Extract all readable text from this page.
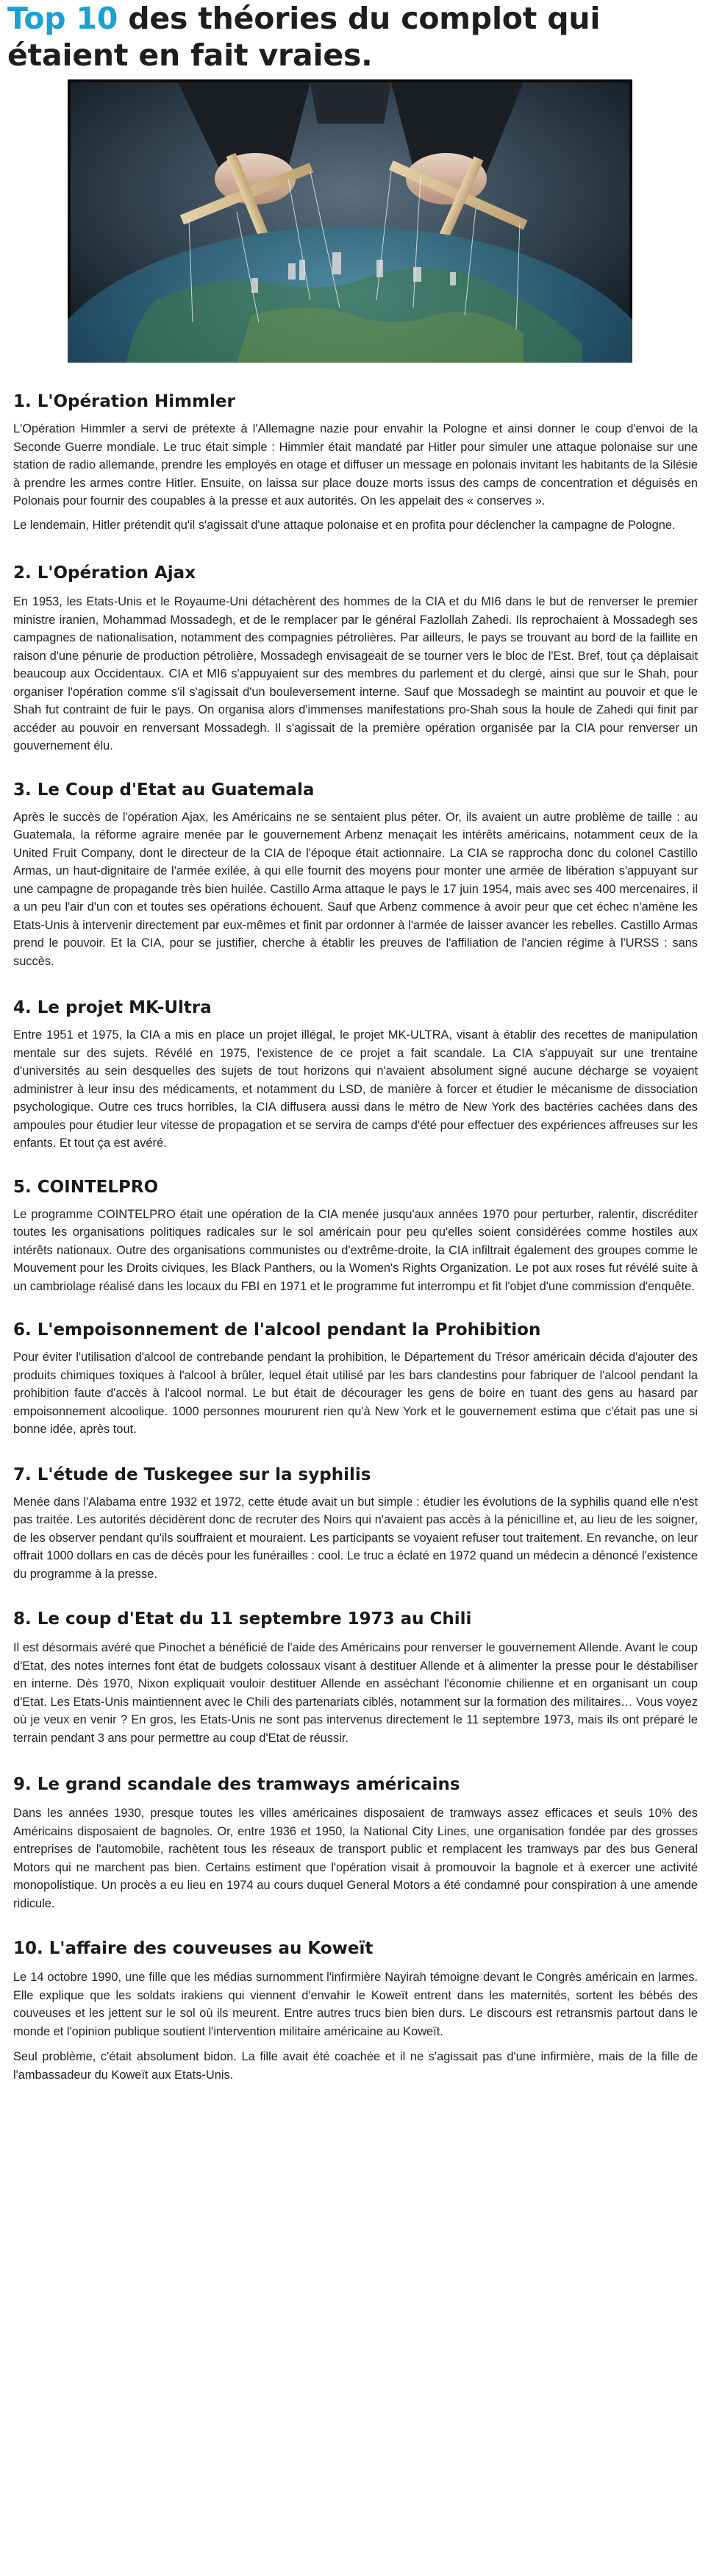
Top 10 des théories du complot qui étaient en fait vraies.
1. L'Opération Himmler

L'Opération Himmler a servi de prétexte à l'Allemagne nazie pour envahir la Pologne et ainsi donner le coup d'envoi de la Seconde Guerre mondiale. Le truc était simple : Himmler était mandaté par Hitler pour simuler une attaque polonaise sur une station de radio allemande, prendre les employés en otage et diffuser un message en polonais invitant les habitants de la Silésie à prendre les armes contre Hitler. Ensuite, on laissa sur place douze morts issus des camps de concentration et déguisés en Polonais pour fournir des coupables à la presse et aux autorités. On les appelait des « conserves ».

Le lendemain, Hitler prétendit qu'il s'agissait d'une attaque polonaise et en profita pour déclencher la campagne de Pologne.

2. L'Opération Ajax

En 1953, les Etats-Unis et le Royaume-Uni détachèrent des hommes de la CIA et du MI6 dans le but de renverser le premier ministre iranien, Mohammad Mossadegh, et de le remplacer par le général Fazlollah Zahedi. Ils reprochaient à Mossadegh ses campagnes de nationalisation, notamment des compagnies pétrolières. Par ailleurs, le pays se trouvant au bord de la faillite en raison d'une pénurie de production pétrolière, Mossadegh envisageait de se tourner vers le bloc de l'Est. Bref, tout ça déplaisait beaucoup aux Occidentaux. CIA et MI6 s'appuyaient sur des membres du parlement et du clergé, ainsi que sur le Shah, pour organiser l'opération comme s'il s'agissait d'un bouleversement interne. Sauf que Mossadegh se maintint au pouvoir et que le Shah fut contraint de fuir le pays. On organisa alors d'immenses manifestations pro-Shah sous la houle de Zahedi qui finit par accéder au pouvoir en renversant Mossadegh. Il s'agissait de la première opération organisée par la CIA pour renverser un gouvernement élu.

3. Le Coup d'Etat au Guatemala

Après le succès de l'opération Ajax, les Américains ne se sentaient plus péter. Or, ils avaient un autre problème de taille : au Guatemala, la réforme agraire menée par le gouvernement Arbenz menaçait les intérêts américains, notamment ceux de la United Fruit Company, dont le directeur de la CIA de l'époque était actionnaire. La CIA se rapprocha donc du colonel Castillo Armas, un haut-dignitaire de l'armée exilée, à qui elle fournit des moyens pour monter une armée de libération s'appuyant sur une campagne de propagande très bien huilée. Castillo Arma attaque le pays le 17 juin 1954, mais avec ses 400 mercenaires, il a un peu l'air d'un con et toutes ses opérations échouent. Sauf que Arbenz commence à avoir peur que cet échec n'amène les Etats-Unis à intervenir directement par eux-mêmes et finit par ordonner à l'armée de laisser avancer les rebelles. Castillo Armas prend le pouvoir. Et la CIA, pour se justifier, cherche à établir les preuves de l'affiliation de l'ancien régime à l'URSS : sans succès.

4. Le projet MK-Ultra

Entre 1951 et 1975, la CIA a mis en place un projet illégal, le projet MK-ULTRA, visant à établir des recettes de manipulation mentale sur des sujets. Révélé en 1975, l'existence de ce projet a fait scandale. La CIA s'appuyait sur une trentaine d'universités au sein desquelles des sujets de tout horizons qui n'avaient absolument signé aucune décharge se voyaient administrer à leur insu des médicaments, et notamment du LSD, de manière à forcer et étudier le mécanisme de dissociation psychologique. Outre ces trucs horribles, la CIA diffusera aussi dans le métro de New York des bactéries cachées dans des ampoules pour étudier leur vitesse de propagation et se servira de camps d'été pour effectuer des expériences affreuses sur les enfants. Et tout ça est avéré.

5. COINTELPRO

Le programme COINTELPRO était une opération de la CIA menée jusqu'aux années 1970 pour perturber, ralentir, discréditer toutes les organisations politiques radicales sur le sol américain pour peu qu'elles soient considérées comme hostiles aux intérêts nationaux. Outre des organisations communistes ou d'extrême-droite, la CIA infiltrait également des groupes comme le Mouvement pour les Droits civiques, les Black Panthers, ou la Women's Rights Organization. Le pot aux roses fut révélé suite à un cambriolage réalisé dans les locaux du FBI en 1971 et le programme fut interrompu et fit l'objet d'une commission d'enquête.

6. L'empoisonnement de l'alcool pendant la Prohibition

Pour éviter l'utilisation d'alcool de contrebande pendant la prohibition, le Département du Trésor américain décida d'ajouter des produits chimiques toxiques à l'alcool à brûler, lequel était utilisé par les bars clandestins pour fabriquer de l'alcool pendant la prohibition faute d'accès à l'alcool normal. Le but était de décourager les gens de boire en tuant des gens au hasard par empoisonnement alcoolique. 1000 personnes moururent rien qu'à New York et le gouvernement estima que c'était pas une si bonne idée, après tout.

7. L'étude de Tuskegee sur la syphilis

Menée dans l'Alabama entre 1932 et 1972, cette étude avait un but simple : étudier les évolutions de la syphilis quand elle n'est pas traitée. Les autorités décidèrent donc de recruter des Noirs qui n'avaient pas accès à la pénicilline et, au lieu de les soigner, de les observer pendant qu'ils souffraient et mouraient. Les participants se voyaient refuser tout traitement. En revanche, on leur offrait 1000 dollars en cas de décès pour les funérailles : cool. Le truc a éclaté en 1972 quand un médecin a dénoncé l'existence du programme à la presse.

8. Le coup d'Etat du 11 septembre 1973 au Chili

Il est désormais avéré que Pinochet a bénéficié de l'aide des Américains pour renverser le gouvernement Allende. Avant le coup d'Etat, des notes internes font état de budgets colossaux visant à destituer Allende et à alimenter la presse pour le déstabiliser en interne. Dès 1970, Nixon expliquait vouloir destituer Allende en asséchant l'économie chilienne et en organisant un coup d'Etat. Les Etats-Unis maintiennent avec le Chili des partenariats ciblés, notamment sur la formation des militaires… Vous voyez où je veux en venir ? En gros, les Etats-Unis ne sont pas intervenus directement le 11 septembre 1973, mais ils ont préparé le terrain pendant 3 ans pour permettre au coup d'Etat de réussir.

9. Le grand scandale des tramways américains

Dans les années 1930, presque toutes les villes américaines disposaient de tramways assez efficaces et seuls 10% des Américains disposaient de bagnoles. Or, entre 1936 et 1950, la National City Lines, une organisation fondée par des grosses entreprises de l'automobile, rachètent tous les réseaux de transport public et remplacent les tramways par des bus General Motors qui ne marchent pas bien. Certains estiment que l'opération visait à promouvoir la bagnole et à exercer une activité monopolistique. Un procès a eu lieu en 1974 au cours duquel General Motors a été condamné pour conspiration à une amende ridicule.

10. L'affaire des couveuses au Koweït

Le 14 octobre 1990, une fille que les médias surnomment l'infirmière Nayirah témoigne devant le Congrès américain en larmes. Elle explique que les soldats irakiens qui viennent d'envahir le Koweït entrent dans les maternités, sortent les bébés des couveuses et les jettent sur le sol où ils meurent. Entre autres trucs bien bien durs. Le discours est retransmis partout dans le monde et l'opinion publique soutient l'intervention militaire américaine au Koweït.

Seul problème, c'était absolument bidon. La fille avait été coachée et il ne s'agissait pas d'une infirmière, mais de la fille de l'ambassadeur du Koweït aux Etats-Unis.
